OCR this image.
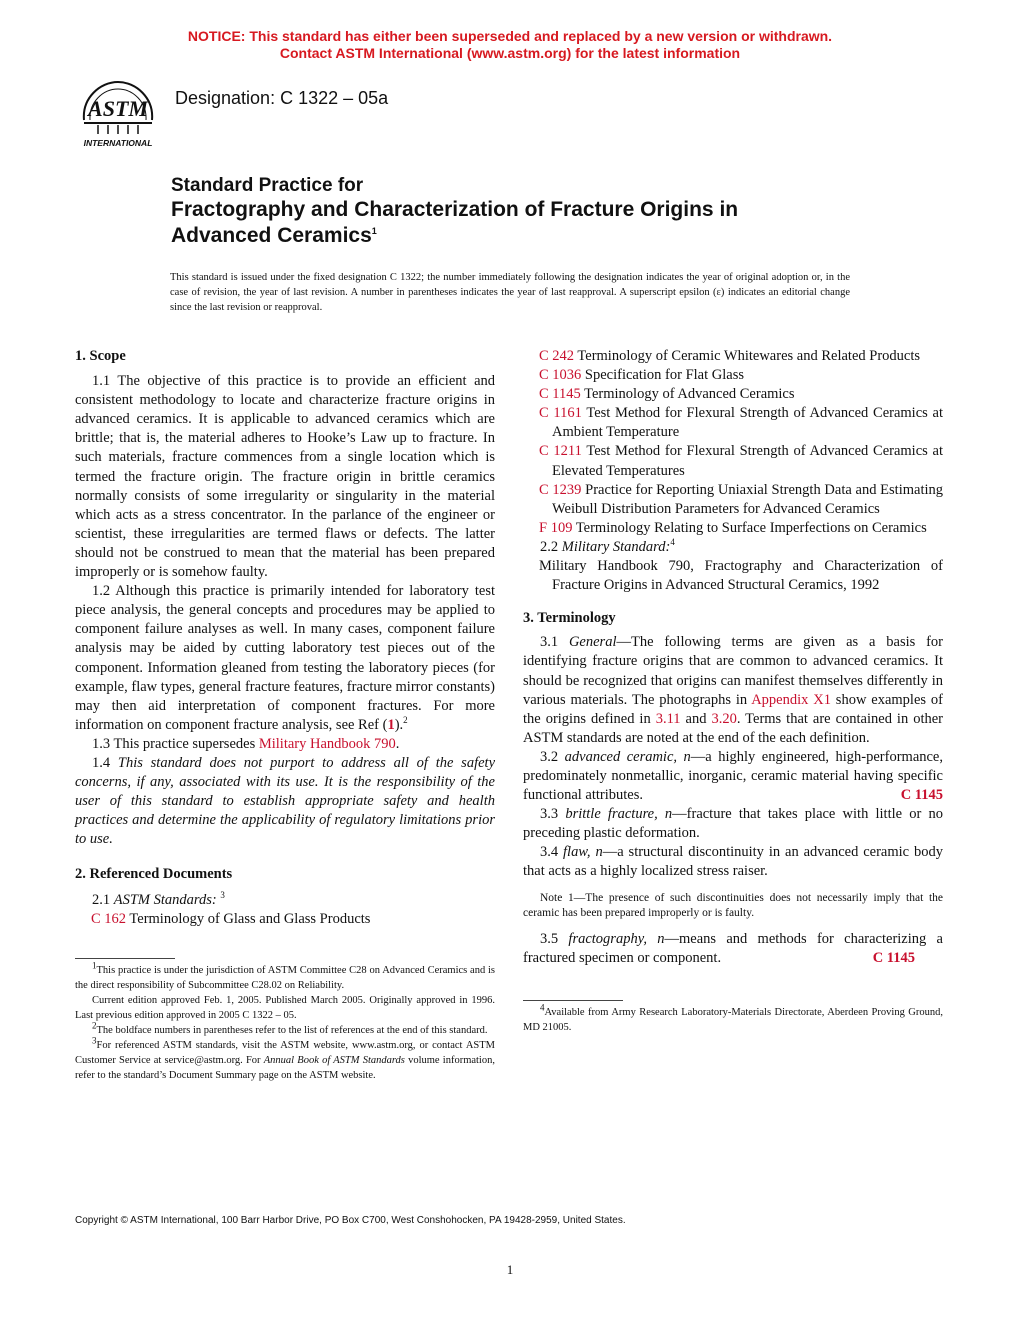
NOTICE: This standard has either been superseded and replaced by a new version or withdrawn.
Contact ASTM International (www.astm.org) for the latest information
ASTM
INTERNATIONAL
Designation: C 1322 – 05a
Standard Practice for
Fractography and Characterization of Fracture Origins in
Advanced Ceramics$^1$
This standard is issued under the fixed designation C 1322; the number immediately following the designation indicates the year of original adoption or, in the case of revision, the year of last revision. A number in parentheses indicates the year of last reapproval. A superscript epsilon (ε) indicates an editorial change since the last revision or reapproval.

1. Scope

1.1 The objective of this practice is to provide an efficient and consistent methodology to locate and characterize fracture origins in advanced ceramics. It is applicable to advanced ceramics which are brittle; that is, the material adheres to Hooke’s Law up to fracture. In such materials, fracture commences from a single location which is termed the fracture origin. The fracture origin in brittle ceramics normally consists of some irregularity or singularity in the material which acts as a stress concentrator. In the parlance of the engineer or scientist, these irregularities are termed flaws or defects. The latter should not be construed to mean that the material has been prepared improperly or is somehow faulty.

1.2 Although this practice is primarily intended for laboratory test piece analysis, the general concepts and procedures may be applied to component failure analyses as well. In many cases, component failure analysis may be aided by cutting laboratory test pieces out of the component. Information gleaned from testing the laboratory pieces (for example, flaw types, general fracture features, fracture mirror constants) may then aid interpretation of component fractures. For more information on component fracture analysis, see Ref (1).$^2$

1.3 This practice supersedes Military Handbook 790.

1.4 This standard does not purport to address all of the safety concerns, if any, associated with its use. It is the responsibility of the user of this standard to establish appropriate safety and health practices and determine the applicability of regulatory limitations prior to use.

2. Referenced Documents

2.1 ASTM Standards: $^3$

C 162 Terminology of Glass and Glass Products

$^1$This practice is under the jurisdiction of ASTM Committee C28 on Advanced Ceramics and is the direct responsibility of Subcommittee C28.02 on Reliability.

Current edition approved Feb. 1, 2005. Published March 2005. Originally approved in 1996. Last previous edition approved in 2005 C 1322 – 05.

$^2$The boldface numbers in parentheses refer to the list of references at the end of this standard.

$^3$For referenced ASTM standards, visit the ASTM website, www.astm.org, or contact ASTM Customer Service at service@astm.org. For Annual Book of ASTM Standards volume information, refer to the standard’s Document Summary page on the ASTM website.

C 242 Terminology of Ceramic Whitewares and Related Products

C 1036 Specification for Flat Glass

C 1145 Terminology of Advanced Ceramics

C 1161 Test Method for Flexural Strength of Advanced Ceramics at Ambient Temperature

C 1211 Test Method for Flexural Strength of Advanced Ceramics at Elevated Temperatures

C 1239 Practice for Reporting Uniaxial Strength Data and Estimating Weibull Distribution Parameters for Advanced Ceramics

F 109 Terminology Relating to Surface Imperfections on Ceramics

2.2 Military Standard:$^4$

Military Handbook 790, Fractography and Characterization of Fracture Origins in Advanced Structural Ceramics, 1992

3. Terminology

3.1 General—The following terms are given as a basis for identifying fracture origins that are common to advanced ceramics. It should be recognized that origins can manifest themselves differently in various materials. The photographs in Appendix X1 show examples of the origins defined in 3.11 and 3.20. Terms that are contained in other ASTM standards are noted at the end of the each definition.

3.2 advanced ceramic, n—a highly engineered, high-performance, predominately nonmetallic, inorganic, ceramic material having specific functional attributes.	C 1145

3.3 brittle fracture, n—fracture that takes place with little or no preceding plastic deformation.

3.4 flaw, n—a structural discontinuity in an advanced ceramic body that acts as a highly localized stress raiser.

Note 1—The presence of such discontinuities does not necessarily imply that the ceramic has been prepared improperly or is faulty.

3.5 fractography, n—means and methods for characterizing a fractured specimen or component.	C 1145

$^4$Available from Army Research Laboratory-Materials Directorate, Aberdeen Proving Ground, MD 21005.

Copyright © ASTM International, 100 Barr Harbor Drive, PO Box C700, West Conshohocken, PA 19428-2959, United States.
1
